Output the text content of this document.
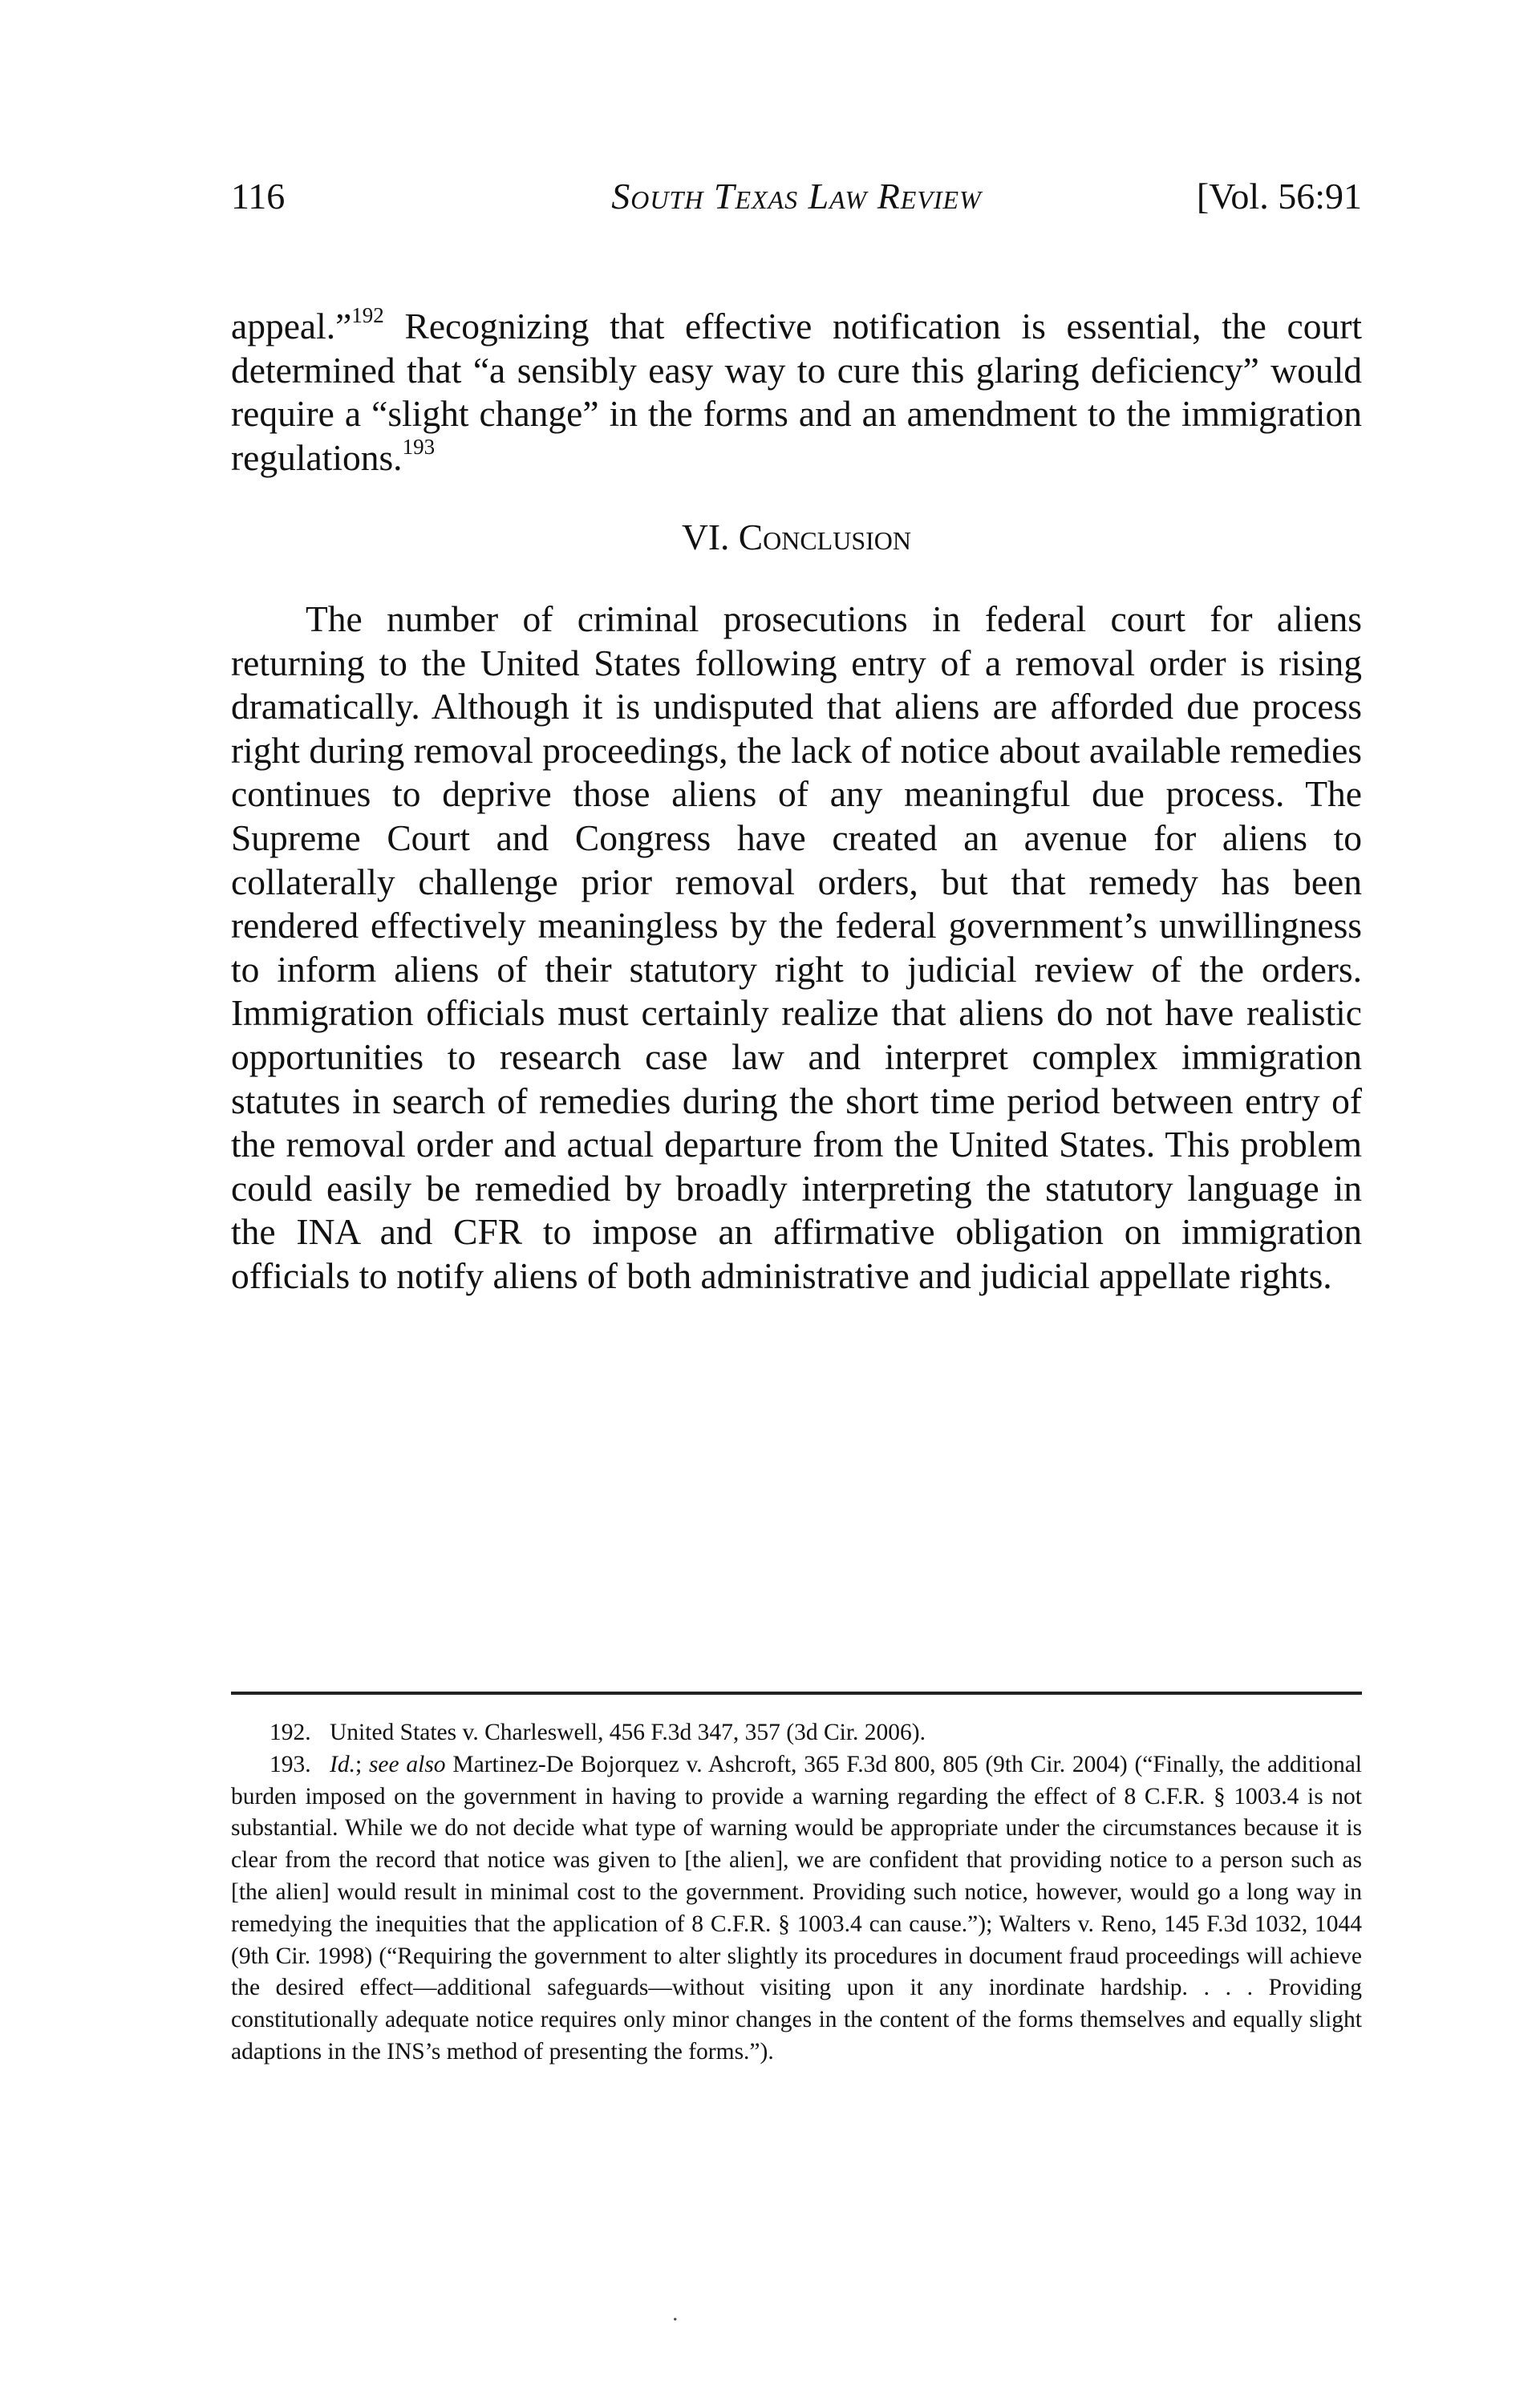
116	South Texas Law Review	[Vol. 56:91

appeal.”$^{192}$ Recognizing that effective notification is essential, the court determined that “a sensibly easy way to cure this glaring deficiency” would require a “slight change” in the forms and an amendment to the immigration regulations.$^{193}$

VI. Conclusion

The number of criminal prosecutions in federal court for aliens returning to the United States following entry of a removal order is rising dramatically. Although it is undisputed that aliens are afforded due process right during removal proceedings, the lack of notice about available remedies continues to deprive those aliens of any meaningful due process. The Supreme Court and Congress have created an avenue for aliens to collaterally challenge prior removal orders, but that remedy has been rendered effectively meaningless by the federal government’s unwillingness to inform aliens of their statutory right to judicial review of the orders. Immigration officials must certainly realize that aliens do not have realistic opportunities to research case law and interpret complex immigration statutes in search of remedies during the short time period between entry of the removal order and actual departure from the United States. This problem could easily be remedied by broadly interpreting the statutory language in the INA and CFR to impose an affirmative obligation on immigration officials to notify aliens of both administrative and judicial appellate rights.

192. United States v. Charleswell, 456 F.3d 347, 357 (3d Cir. 2006).

193. Id.; see also Martinez-De Bojorquez v. Ashcroft, 365 F.3d 800, 805 (9th Cir. 2004) (“Finally, the additional burden imposed on the government in having to provide a warning regarding the effect of 8 C.F.R. § 1003.4 is not substantial. While we do not decide what type of warning would be appropriate under the circumstances because it is clear from the record that notice was given to [the alien], we are confident that providing notice to a person such as [the alien] would result in minimal cost to the government. Providing such notice, however, would go a long way in remedying the inequities that the application of 8 C.F.R. § 1003.4 can cause.”); Walters v. Reno, 145 F.3d 1032, 1044 (9th Cir. 1998) (“Requiring the government to alter slightly its procedures in document fraud proceedings will achieve the desired effect—additional safeguards—without visiting upon it any inordinate hardship. . . . Providing constitutionally adequate notice requires only minor changes in the content of the forms themselves and equally slight adaptions in the INS’s method of presenting the forms.”).

.
